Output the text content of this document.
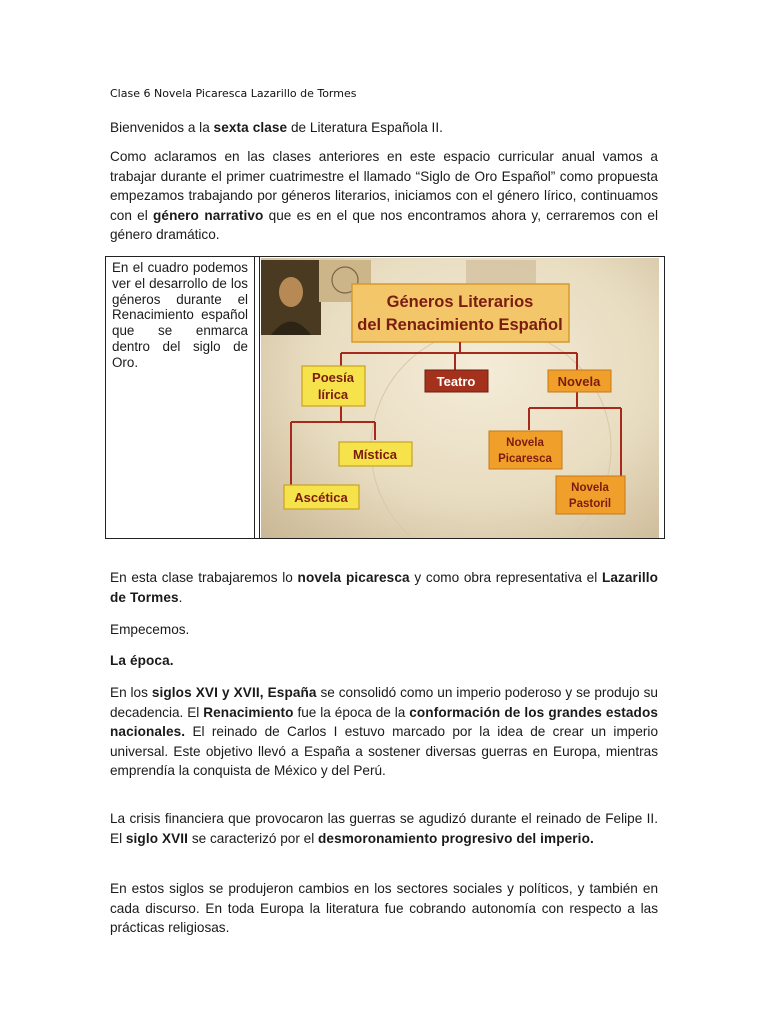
Clase 6 Novela Picaresca Lazarillo de Tormes

Bienvenidos a la sexta clase de Literatura Española II.

Como aclaramos en las clases anteriores en este espacio curricular anual vamos a trabajar durante el primer cuatrimestre el llamado “Siglo de Oro Español” como propuesta empezamos trabajando por géneros literarios, iniciamos con el género lírico, continuamos con el género narrativo que es en el que nos encontramos ahora y, cerraremos con el género dramático.

En esta clase trabajaremos lo novela picaresca y como obra representativa el Lazarillo de Tormes.

Empecemos.

La época.

En los siglos XVI y XVII, España se consolidó como un imperio poderoso y se produjo su decadencia. El Renacimiento fue la época de la conformación de los grandes estados nacionales. El reinado de Carlos I estuvo marcado por la idea de crear un imperio universal. Este objetivo llevó a España a sostener diversas guerras en Europa, mientras emprendía la conquista de México y del Perú.

La crisis financiera que provocaron las guerras se agudizó durante el reinado de Felipe II. El siglo XVII se caracterizó por el desmoronamiento progresivo del imperio.

En estos siglos se produjeron cambios en los sectores sociales y políticos, y también en cada discurso. En toda Europa la literatura fue cobrando autonomía con respecto a las prácticas religiosas.

En el cuadro podemos ver el desarrollo de los géneros durante el Renacimiento español que se enmarca dentro del siglo de Oro.

Géneros Literarios
del Renacimiento Español
Poesía
lírica
Teatro	Novela
Mística
Ascética
Novela
Picaresca
Novela
Pastoril
